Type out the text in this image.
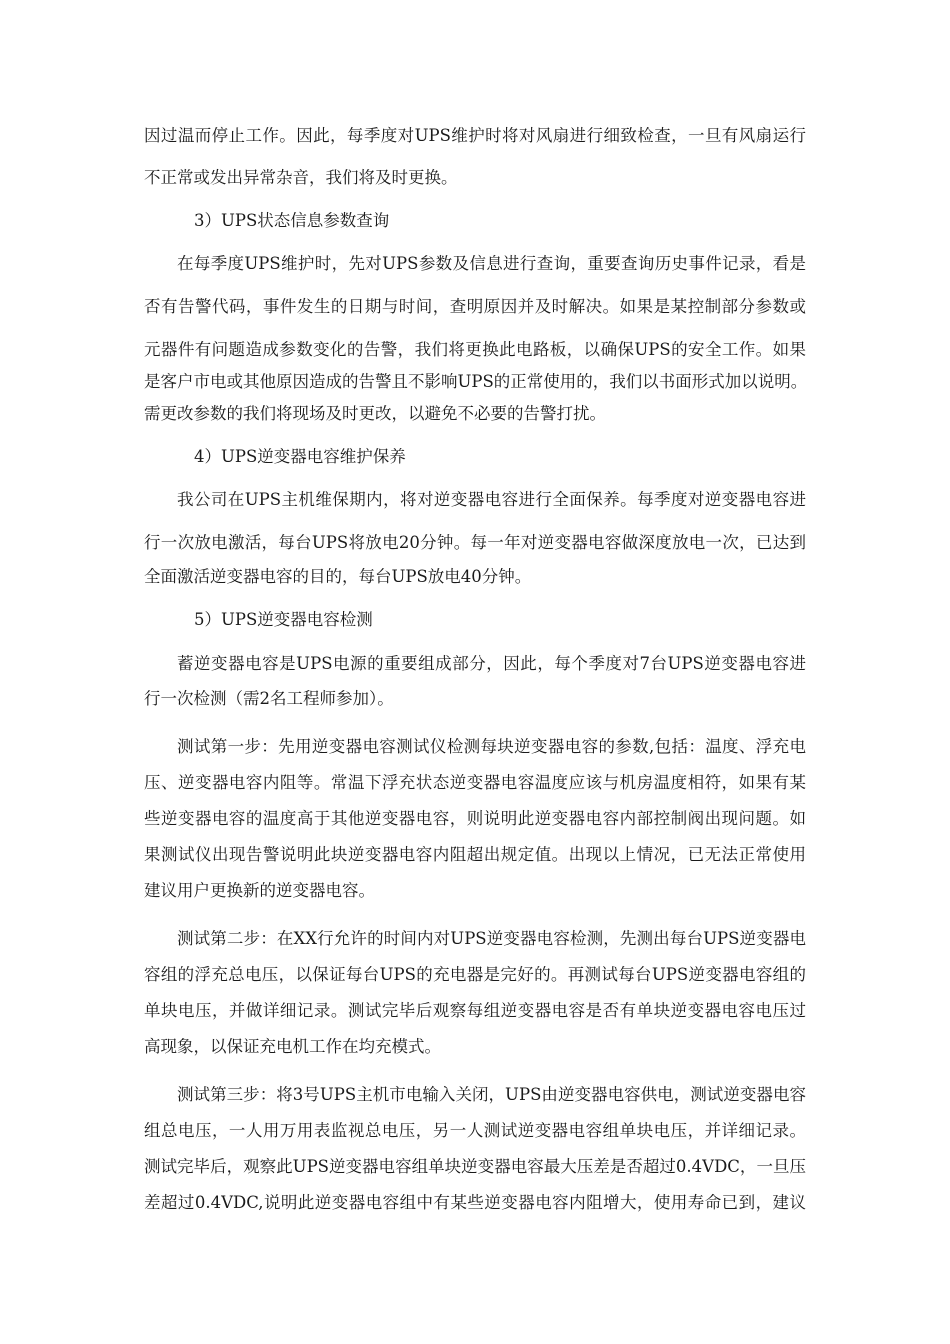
因过温而停止工作。因此，每季度对UPS维护时将对风扇进行细致检查，一旦有风扇运行
不正常或发出异常杂音，我们将及时更换。
3）UPS状态信息参数查询
在每季度UPS维护时，先对UPS参数及信息进行查询，重要查询历史事件记录，看是
否有告警代码，事件发生的日期与时间，查明原因并及时解决。如果是某控制部分参数或
元器件有问题造成参数变化的告警，我们将更换此电路板，以确保UPS的安全工作。如果
是客户市电或其他原因造成的告警且不影响UPS的正常使用的，我们以书面形式加以说明。
需更改参数的我们将现场及时更改，以避免不必要的告警打扰。
4）UPS逆变器电容维护保养
我公司在UPS主机维保期内，将对逆变器电容进行全面保养。每季度对逆变器电容进
行一次放电激活，每台UPS将放电20分钟。每一年对逆变器电容做深度放电一次，已达到
全面激活逆变器电容的目的，每台UPS放电40分钟。
5）UPS逆变器电容检测
蓄逆变器电容是UPS电源的重要组成部分，因此，每个季度对7台UPS逆变器电容进
行一次检测（需2名工程师参加）。
测试第一步：先用逆变器电容测试仪检测每块逆变器电容的参数,包括：温度、浮充电
压、逆变器电容内阻等。常温下浮充状态逆变器电容温度应该与机房温度相符，如果有某
些逆变器电容的温度高于其他逆变器电容，则说明此逆变器电容内部控制阀出现问题。如
果测试仪出现告警说明此块逆变器电容内阻超出规定值。出现以上情况，已无法正常使用
建议用户更换新的逆变器电容。
测试第二步：在XX行允许的时间内对UPS逆变器电容检测，先测出每台UPS逆变器电
容组的浮充总电压，以保证每台UPS的充电器是完好的。再测试每台UPS逆变器电容组的
单块电压，并做详细记录。测试完毕后观察每组逆变器电容是否有单块逆变器电容电压过
高现象，以保证充电机工作在均充模式。
测试第三步：将3号UPS主机市电输入关闭，UPS由逆变器电容供电，测试逆变器电容
组总电压，一人用万用表监视总电压，另一人测试逆变器电容组单块电压，并详细记录。
测试完毕后，观察此UPS逆变器电容组单块逆变器电容最大压差是否超过0.4VDC，一旦压
差超过0.4VDC,说明此逆变器电容组中有某些逆变器电容内阻增大，使用寿命已到，建议
